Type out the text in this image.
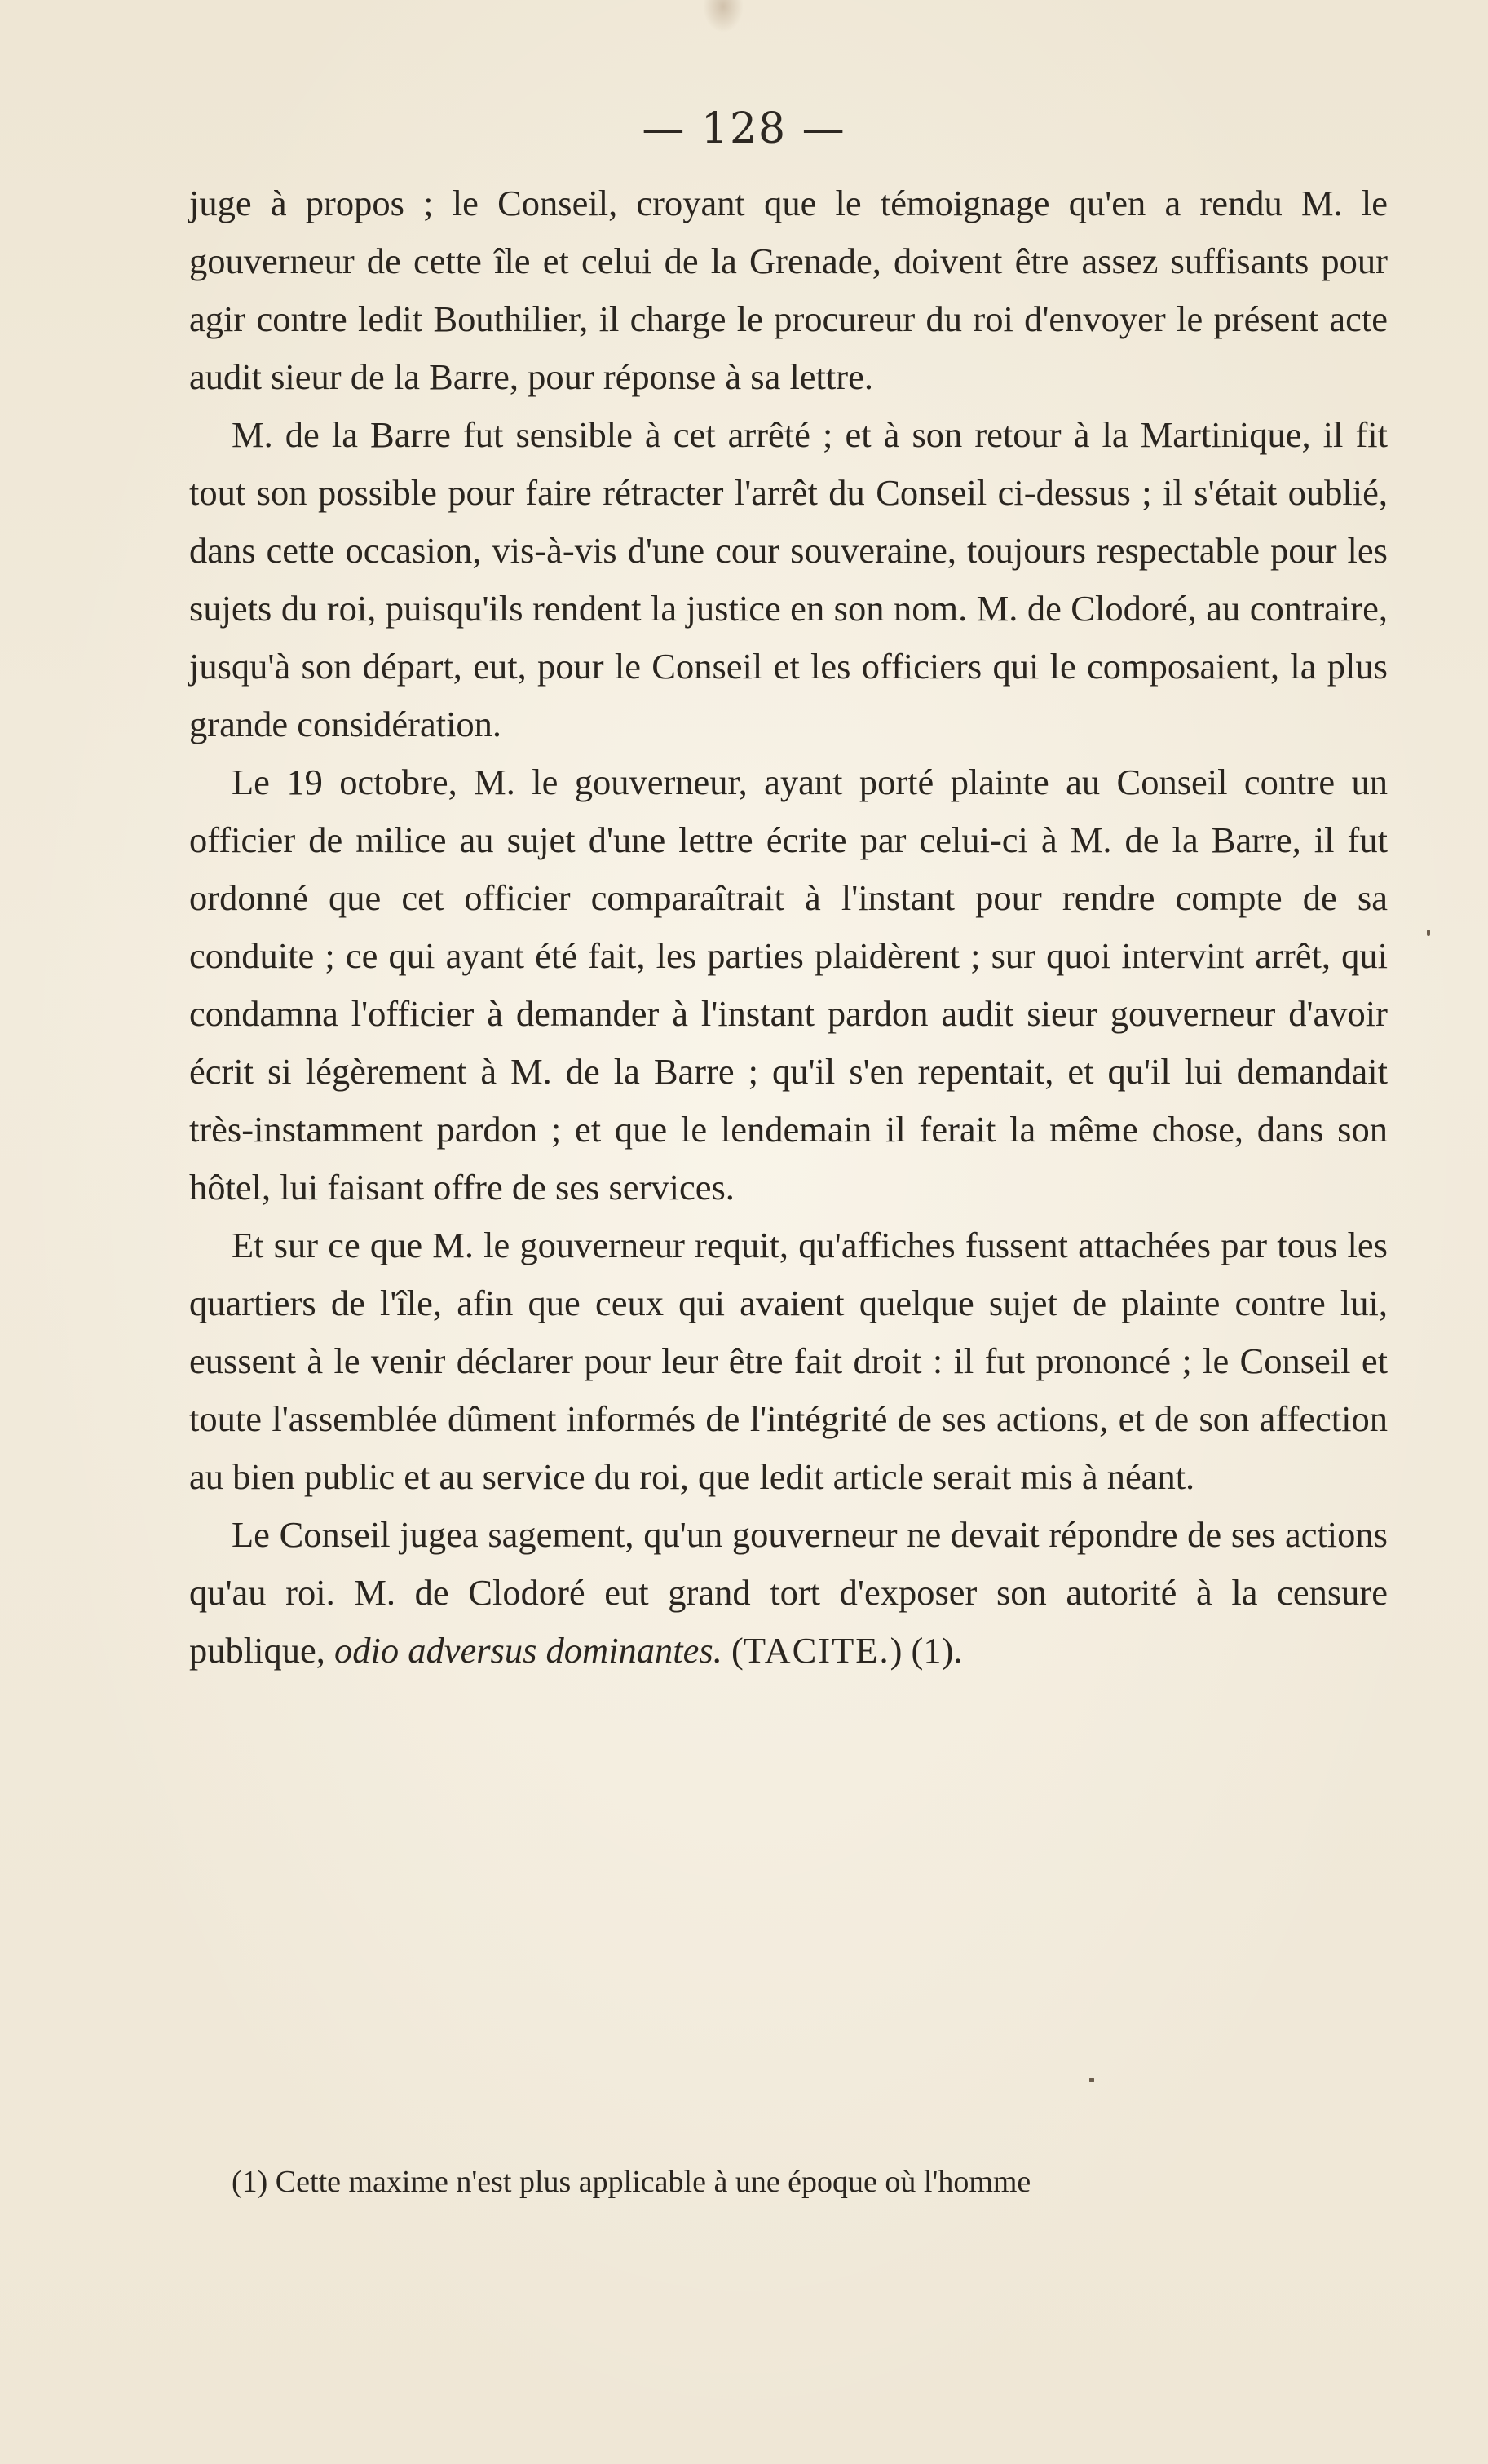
— 128 —

juge à propos ; le Conseil, croyant que le témoignage qu'en a rendu M. le gouverneur de cette île et celui de la Grenade, doivent être assez suffisants pour agir contre ledit Bouthilier, il charge le procureur du roi d'envoyer le présent acte audit sieur de la Barre, pour réponse à sa lettre.

M. de la Barre fut sensible à cet arrêté ; et à son retour à la Martinique, il fit tout son possible pour faire rétracter l'arrêt du Conseil ci-dessus ; il s'était oublié, dans cette occasion, vis-à-vis d'une cour souveraine, toujours respectable pour les sujets du roi, puisqu'ils rendent la justice en son nom. M. de Clodoré, au contraire, jusqu'à son départ, eut, pour le Conseil et les officiers qui le composaient, la plus grande considération.

Le 19 octobre, M. le gouverneur, ayant porté plainte au Conseil contre un officier de milice au sujet d'une lettre écrite par celui-ci à M. de la Barre, il fut ordonné que cet officier comparaîtrait à l'instant pour rendre compte de sa conduite ; ce qui ayant été fait, les parties plaidèrent ; sur quoi intervint arrêt, qui condamna l'officier à demander à l'instant pardon audit sieur gouverneur d'avoir écrit si légèrement à M. de la Barre ; qu'il s'en repentait, et qu'il lui demandait très-instamment pardon ; et que le lendemain il ferait la même chose, dans son hôtel, lui faisant offre de ses services.

Et sur ce que M. le gouverneur requit, qu'affiches fussent attachées par tous les quartiers de l'île, afin que ceux qui avaient quelque sujet de plainte contre lui, eussent à le venir déclarer pour leur être fait droit : il fut prononcé ; le Conseil et toute l'assemblée dûment informés de l'intégrité de ses actions, et de son affection au bien public et au service du roi, que ledit article serait mis à néant.

Le Conseil jugea sagement, qu'un gouverneur ne devait répondre de ses actions qu'au roi. M. de Clodoré eut grand tort d'exposer son autorité à la censure publique, odio adversus dominantes. (TACITE.) (1).

(1) Cette maxime n'est plus applicable à une époque où l'homme
